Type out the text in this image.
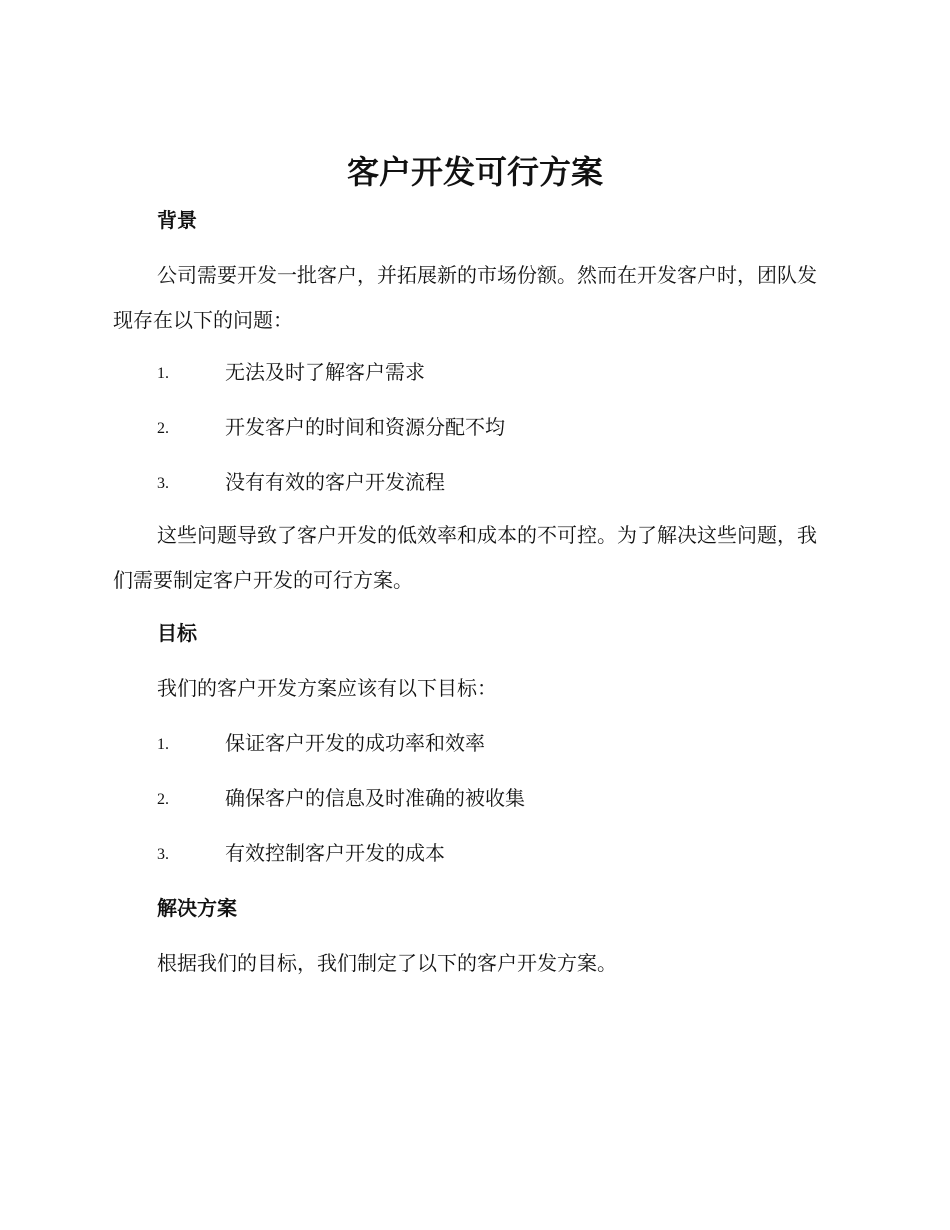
客户开发可行方案
背景

公司需要开发一批客户，并拓展新的市场份额。然而在开发客户时，团队发现存在以下的问题：

1.	无法及时了解客户需求
2.	开发客户的时间和资源分配不均
3.	没有有效的客户开发流程

这些问题导致了客户开发的低效率和成本的不可控。为了解决这些问题，我们需要制定客户开发的可行方案。

目标
我们的客户开发方案应该有以下目标：
1.	保证客户开发的成功率和效率
2.	确保客户的信息及时准确的被收集
3.	有效控制客户开发的成本
解决方案
根据我们的目标，我们制定了以下的客户开发方案。
